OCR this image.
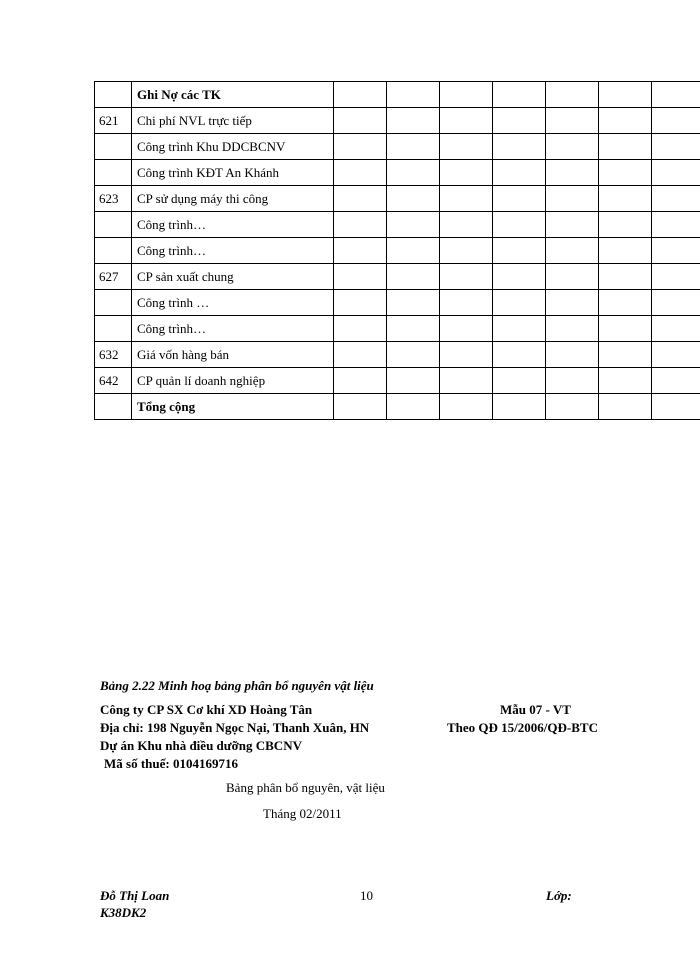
	Ghi Nợ các TK							
621	Chi phí NVL trực tiếp							
	Công trình Khu DDCBCNV							
	Công trình KĐT An Khánh							
623	CP sử dụng máy thi công							
	Công trình…							
	Công trình…							
627	CP sản xuất chung							
	Công trình …							
	Công trình…							
632	Giá vốn hàng bán							
642	CP quản lí doanh nghiệp							
	Tổng cộng							
Bảng 2.22 Minh hoạ bảng phân bổ nguyên vật liệu
Công ty CP SX Cơ khí XD Hoàng Tân
Địa chỉ: 198 Nguyễn Ngọc Nại, Thanh Xuân, HN
Dự án Khu nhà điều dưỡng CBCNV
Mã số thuế: 0104169716
Mẫu 07 - VT
Theo QĐ 15/2006/QĐ-BTC
Bảng phân bổ nguyên, vật liệu
Tháng 02/2011
Đỗ Thị Loan
K38DK2
10	Lớp:
